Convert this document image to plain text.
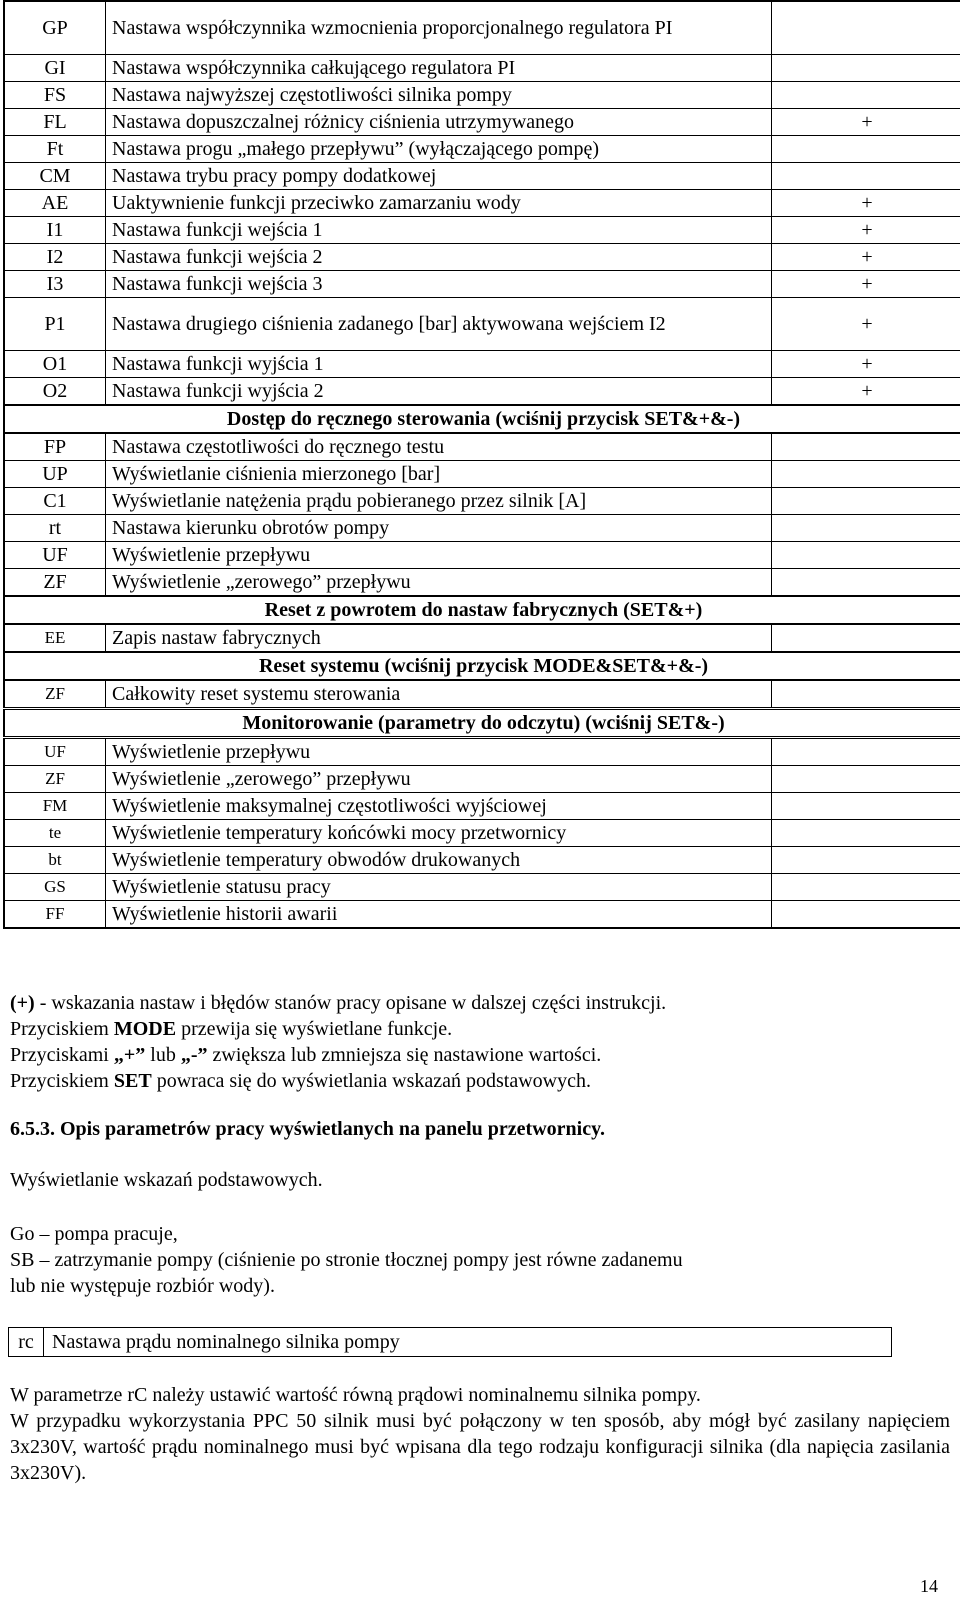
GP	Nastawa współczynnika wzmocnienia proporcjonalnego regulatora PI	
GI	Nastawa współczynnika całkującego regulatora PI	
FS	Nastawa najwyższej częstotliwości silnika pompy	
FL	Nastawa dopuszczalnej różnicy ciśnienia utrzymywanego	+
Ft	Nastawa progu „małego przepływu” (wyłączającego pompę)	
CM	Nastawa trybu pracy pompy dodatkowej	
AE	Uaktywnienie funkcji przeciwko zamarzaniu wody	+
I1	Nastawa funkcji wejścia 1	+
I2	Nastawa funkcji wejścia 2	+
I3	Nastawa funkcji wejścia 3	+
P1	Nastawa drugiego ciśnienia zadanego [bar] aktywowana wejściem I2	+
O1	Nastawa funkcji wyjścia 1	+
O2	Nastawa funkcji wyjścia 2	+
Dostęp do ręcznego sterowania (wciśnij przycisk SET&+&-)		
FP	Nastawa częstotliwości do ręcznego testu	
UP	Wyświetlanie ciśnienia mierzonego [bar]	
C1	Wyświetlanie natężenia prądu pobieranego przez silnik [A]	
rt	Nastawa kierunku obrotów pompy	
UF	Wyświetlenie przepływu	
ZF	Wyświetlenie „zerowego” przepływu	
Reset z powrotem do nastaw fabrycznych (SET&+)		
EE	Zapis nastaw fabrycznych	
Reset systemu (wciśnij przycisk MODE&SET&+&-)		
ZF	Całkowity reset systemu sterowania	
Monitorowanie (parametry do odczytu) (wciśnij SET&-)		
UF	Wyświetlenie przepływu	
ZF	Wyświetlenie „zerowego” przepływu	
FM	Wyświetlenie maksymalnej częstotliwości wyjściowej	
te	Wyświetlenie temperatury końcówki mocy przetwornicy	
bt	Wyświetlenie temperatury obwodów drukowanych	
GS	Wyświetlenie statusu pracy	
FF	Wyświetlenie historii awarii	

(+) - wskazania nastaw i błędów stanów pracy opisane w dalszej części instrukcji.

Przyciskiem MODE przewija się wyświetlane funkcje.

Przyciskami „+” lub „-” zwiększa lub zmniejsza się nastawione wartości.

Przyciskiem SET powraca się do wyświetlania wskazań podstawowych.

6.5.3. Opis parametrów pracy wyświetlanych na panelu przetwornicy.

Wyświetlanie wskazań podstawowych.

Go – pompa pracuje,

SB – zatrzymanie pompy (ciśnienie po stronie tłocznej pompy jest równe zadanemu

lub nie występuje rozbiór wody).

rc Nastawa prądu nominalnego silnika pompy

W parametrze rC należy ustawić wartość równą prądowi nominalnemu silnika pompy.

W przypadku wykorzystania PPC 50 silnik musi być połączony w ten sposób, aby mógł być zasilany napięciem 3x230V, wartość prądu nominalnego musi być wpisana dla tego rodzaju konfiguracji silnika (dla napięcia zasilania 3x230V).

14
